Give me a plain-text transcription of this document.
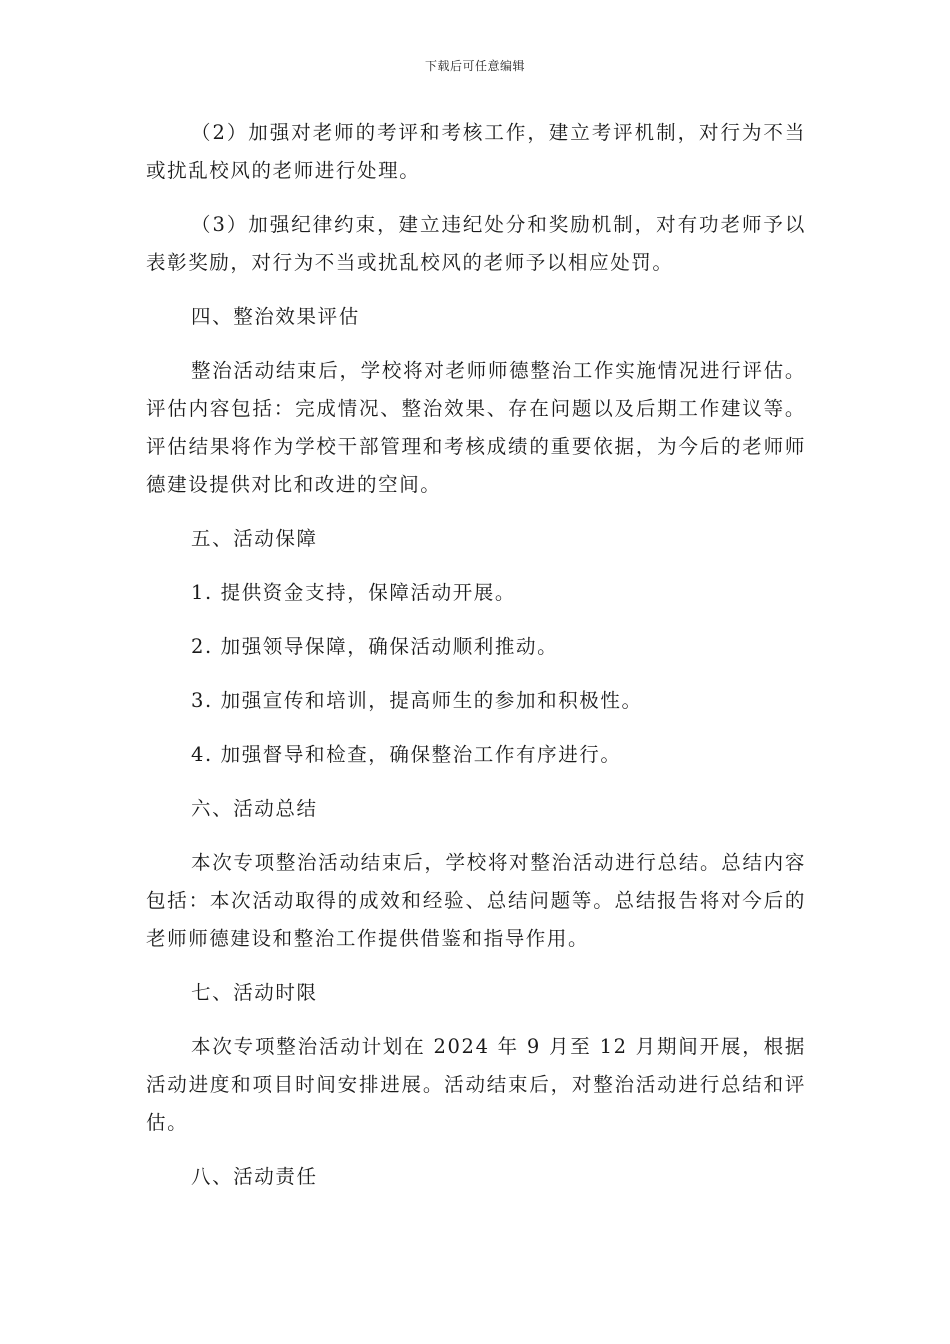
下载后可任意编辑

（2）加强对老师的考评和考核工作，建立考评机制，对行为不当或扰乱校风的老师进行处理。

（3）加强纪律约束，建立违纪处分和奖励机制，对有功老师予以表彰奖励，对行为不当或扰乱校风的老师予以相应处罚。

四、整治效果评估

整治活动结束后，学校将对老师师德整治工作实施情况进行评估。评估内容包括：完成情况、整治效果、存在问题以及后期工作建议等。评估结果将作为学校干部管理和考核成绩的重要依据，为今后的老师师德建设提供对比和改进的空间。

五、活动保障

1. 提供资金支持，保障活动开展。

2. 加强领导保障，确保活动顺利推动。

3. 加强宣传和培训，提高师生的参加和积极性。

4. 加强督导和检查，确保整治工作有序进行。

六、活动总结

本次专项整治活动结束后，学校将对整治活动进行总结。总结内容包括：本次活动取得的成效和经验、总结问题等。总结报告将对今后的老师师德建设和整治工作提供借鉴和指导作用。

七、活动时限

本次专项整治活动计划在 2024 年 9 月至 12 月期间开展，根据活动进度和项目时间安排进展。活动结束后，对整治活动进行总结和评估。

八、活动责任
